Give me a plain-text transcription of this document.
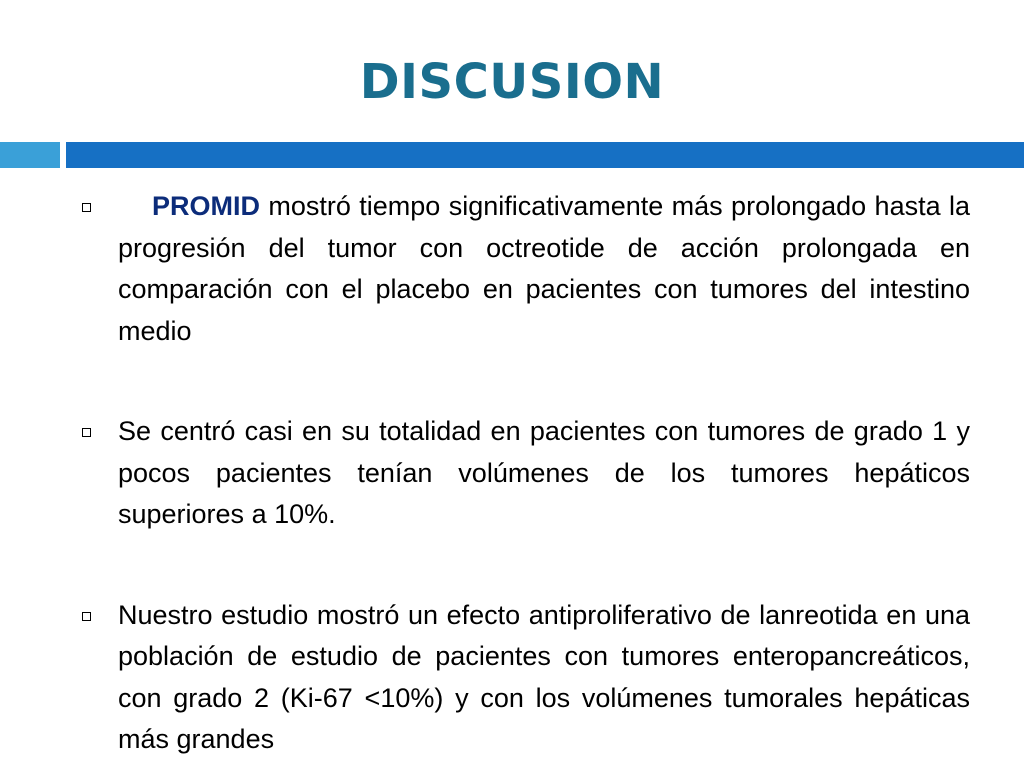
DISCUSION
PROMID mostró tiempo significativamente más prolongado hasta la progresión del tumor con octreotide de acción prolongada en comparación con el placebo en pacientes con tumores del intestino medio
Se centró casi en su totalidad en pacientes con tumores de grado 1 y pocos pacientes tenían volúmenes de los tumores hepáticos superiores a 10%.
Nuestro estudio mostró un efecto antiproliferativo de lanreotida en una población de estudio de pacientes con tumores enteropancreáticos, con grado 2 (Ki-67 <10%) y con los volúmenes tumorales hepáticas más grandes
